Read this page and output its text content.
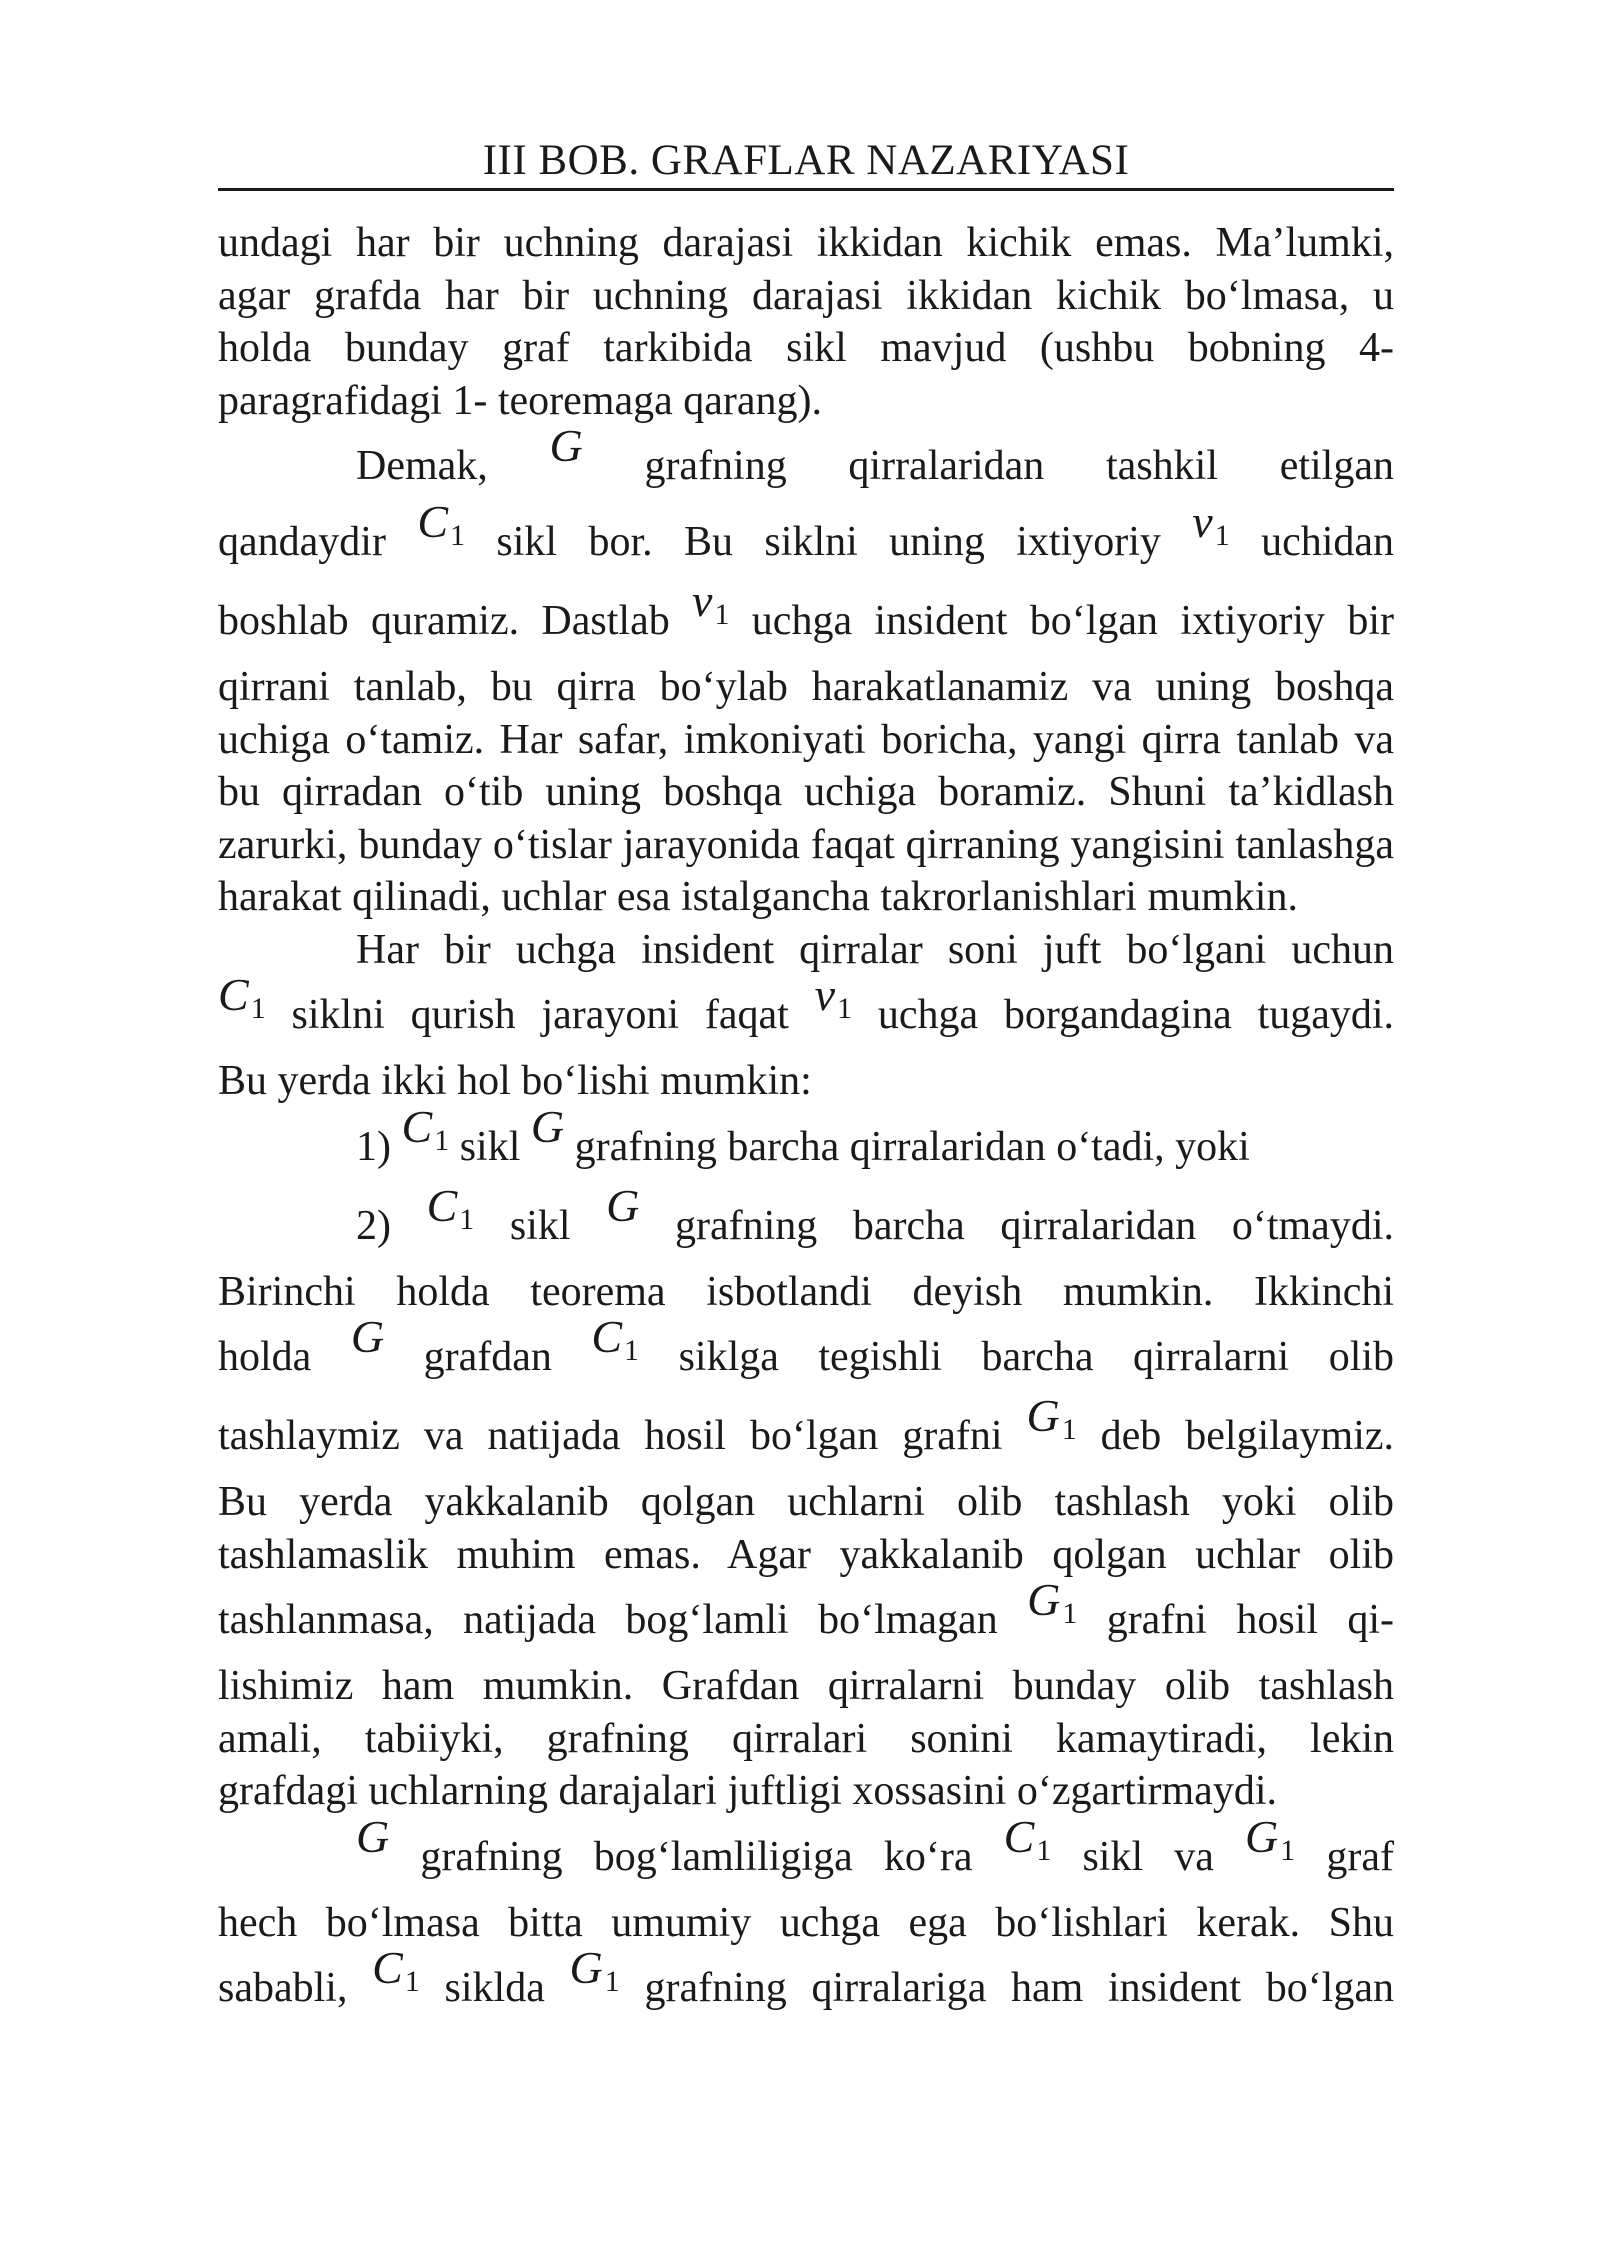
III BOB. GRAFLAR NAZARIYASI

undagi har bir uchning darajasi ikkidan kichik emas. Ma’lumki,
agar grafda har bir uchning darajasi ikkidan kichik bo‘lmasa, u
holda bunday graf tarkibida sikl mavjud (ushbu bobning 4-
paragrafidagi 1- teoremaga qarang).

Demak, G grafning qirralaridan tashkil etilgan
qandaydir C1 sikl bor. Bu siklni uning ixtiyoriy v1 uchidan
boshlab quramiz. Dastlab v1 uchga insident bo‘lgan ixtiyoriy bir

qirrani tanlab, bu qirra bo‘ylab harakatlanamiz va uning boshqa uchiga o‘tamiz. Har safar, imkoniyati boricha, yangi qirra tanlab va bu qirradan o‘tib uning boshqa uchiga boramiz. Shuni ta’kidlash zarurki, bunday o‘tislar jarayonida faqat qirraning yangisini tanlashga harakat qilinadi, uchlar esa istalgancha takrorlanishlari mumkin.

Har bir uchga insident qirralar soni juft bo‘lgani uchun
C1 siklni qurish jarayoni faqat v1 uchga borgandagina tugaydi.
Bu yerda ikki hol bo‘lishi mumkin:

1) C1 sikl G grafning barcha qirralaridan o‘tadi, yoki

2) C1 sikl G grafning barcha qirralaridan o‘tmaydi.
Birinchi holda teorema isbotlandi deyish mumkin. Ikkinchi
holda G grafdan C1 siklga tegishli barcha qirralarni olib
tashlaymiz va natijada hosil bo‘lgan grafni G1 deb belgilaymiz.
Bu yerda yakkalanib qolgan uchlarni olib tashlash yoki olib
tashlamaslik muhim emas. Agar yakkalanib qolgan uchlar olib
tashlanmasa, natijada bog‘lamli bo‘lmagan G1 grafni hosil qi-
lishimiz ham mumkin. Grafdan qirralarni bunday olib tashlash
amali, tabiiyki, grafning qirralari sonini kamaytiradi, lekin
grafdagi uchlarning darajalari juftligi xossasini o‘zgartirmaydi.

G grafning bog‘lamliligiga ko‘ra C1 sikl va G1 graf
hech bo‘lmasa bitta umumiy uchga ega bo‘lishlari kerak. Shu
sababli, C1 siklda G1 grafning qirralariga ham insident bo‘lgan
